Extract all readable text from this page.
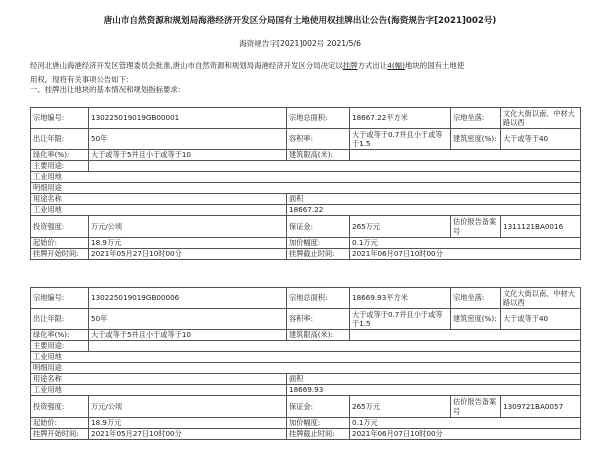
唐山市自然资源和规划局海港经济开发区分局国有土地使用权挂牌出让公告(海资规告字[2021]002号)
海资规告字[2021]002号 2021/5/6
经河北唐山海港经济开发区管理委员会批准,唐山市自然资源和规划局海港经济开发区分局决定以挂牌方式出让4(幅)地块的国有土地使
用权。现将有关事项公告如下:
一、挂牌出让地块的基本情况和规划指标要求:
宗地编号:	130225019019GB00001	宗地总面积:	18667.22平方米	宗地坐落:	文化大街以南、中材大路以西
出让年限:	50年	容积率:	大于或等于0.7并且小于或等于1.5	建筑密度(%):	大于或等于40
绿化率(%):	大于或等于5并且小于或等于10	建筑限高(米):			
主要用途:					
工业用地					
明细用途					
用途名称		面积			
工业用地		18667.22			
投资强度:	万元/公顷	保证金:	265万元	估价报告备案号	1311121BA0016
起始价:	18.9万元	加价幅度:	0.1万元		
挂牌开始时间:	2021年05月27日10时00分	挂牌截止时间:	2021年06月07日10时00分		
宗地编号:	130225019019GB00006	宗地总面积:	18669.93平方米	宗地坐落:	文化大街以南、中材大路以西
出让年限:	50年	容积率:	大于或等于0.7并且小于或等于1.5	建筑密度(%):	大于或等于40
绿化率(%):	大于或等于5并且小于或等于10	建筑限高(米):			
主要用途:					
工业用地					
明细用途					
用途名称		面积			
工业用地		18669.93			
投资强度:	万元/公顷	保证金:	265万元	估价报告备案号	1309721BA0057
起始价:	18.9万元	加价幅度:	0.1万元		
挂牌开始时间:	2021年05月27日10时00分	挂牌截止时间:	2021年06月07日10时00分		
